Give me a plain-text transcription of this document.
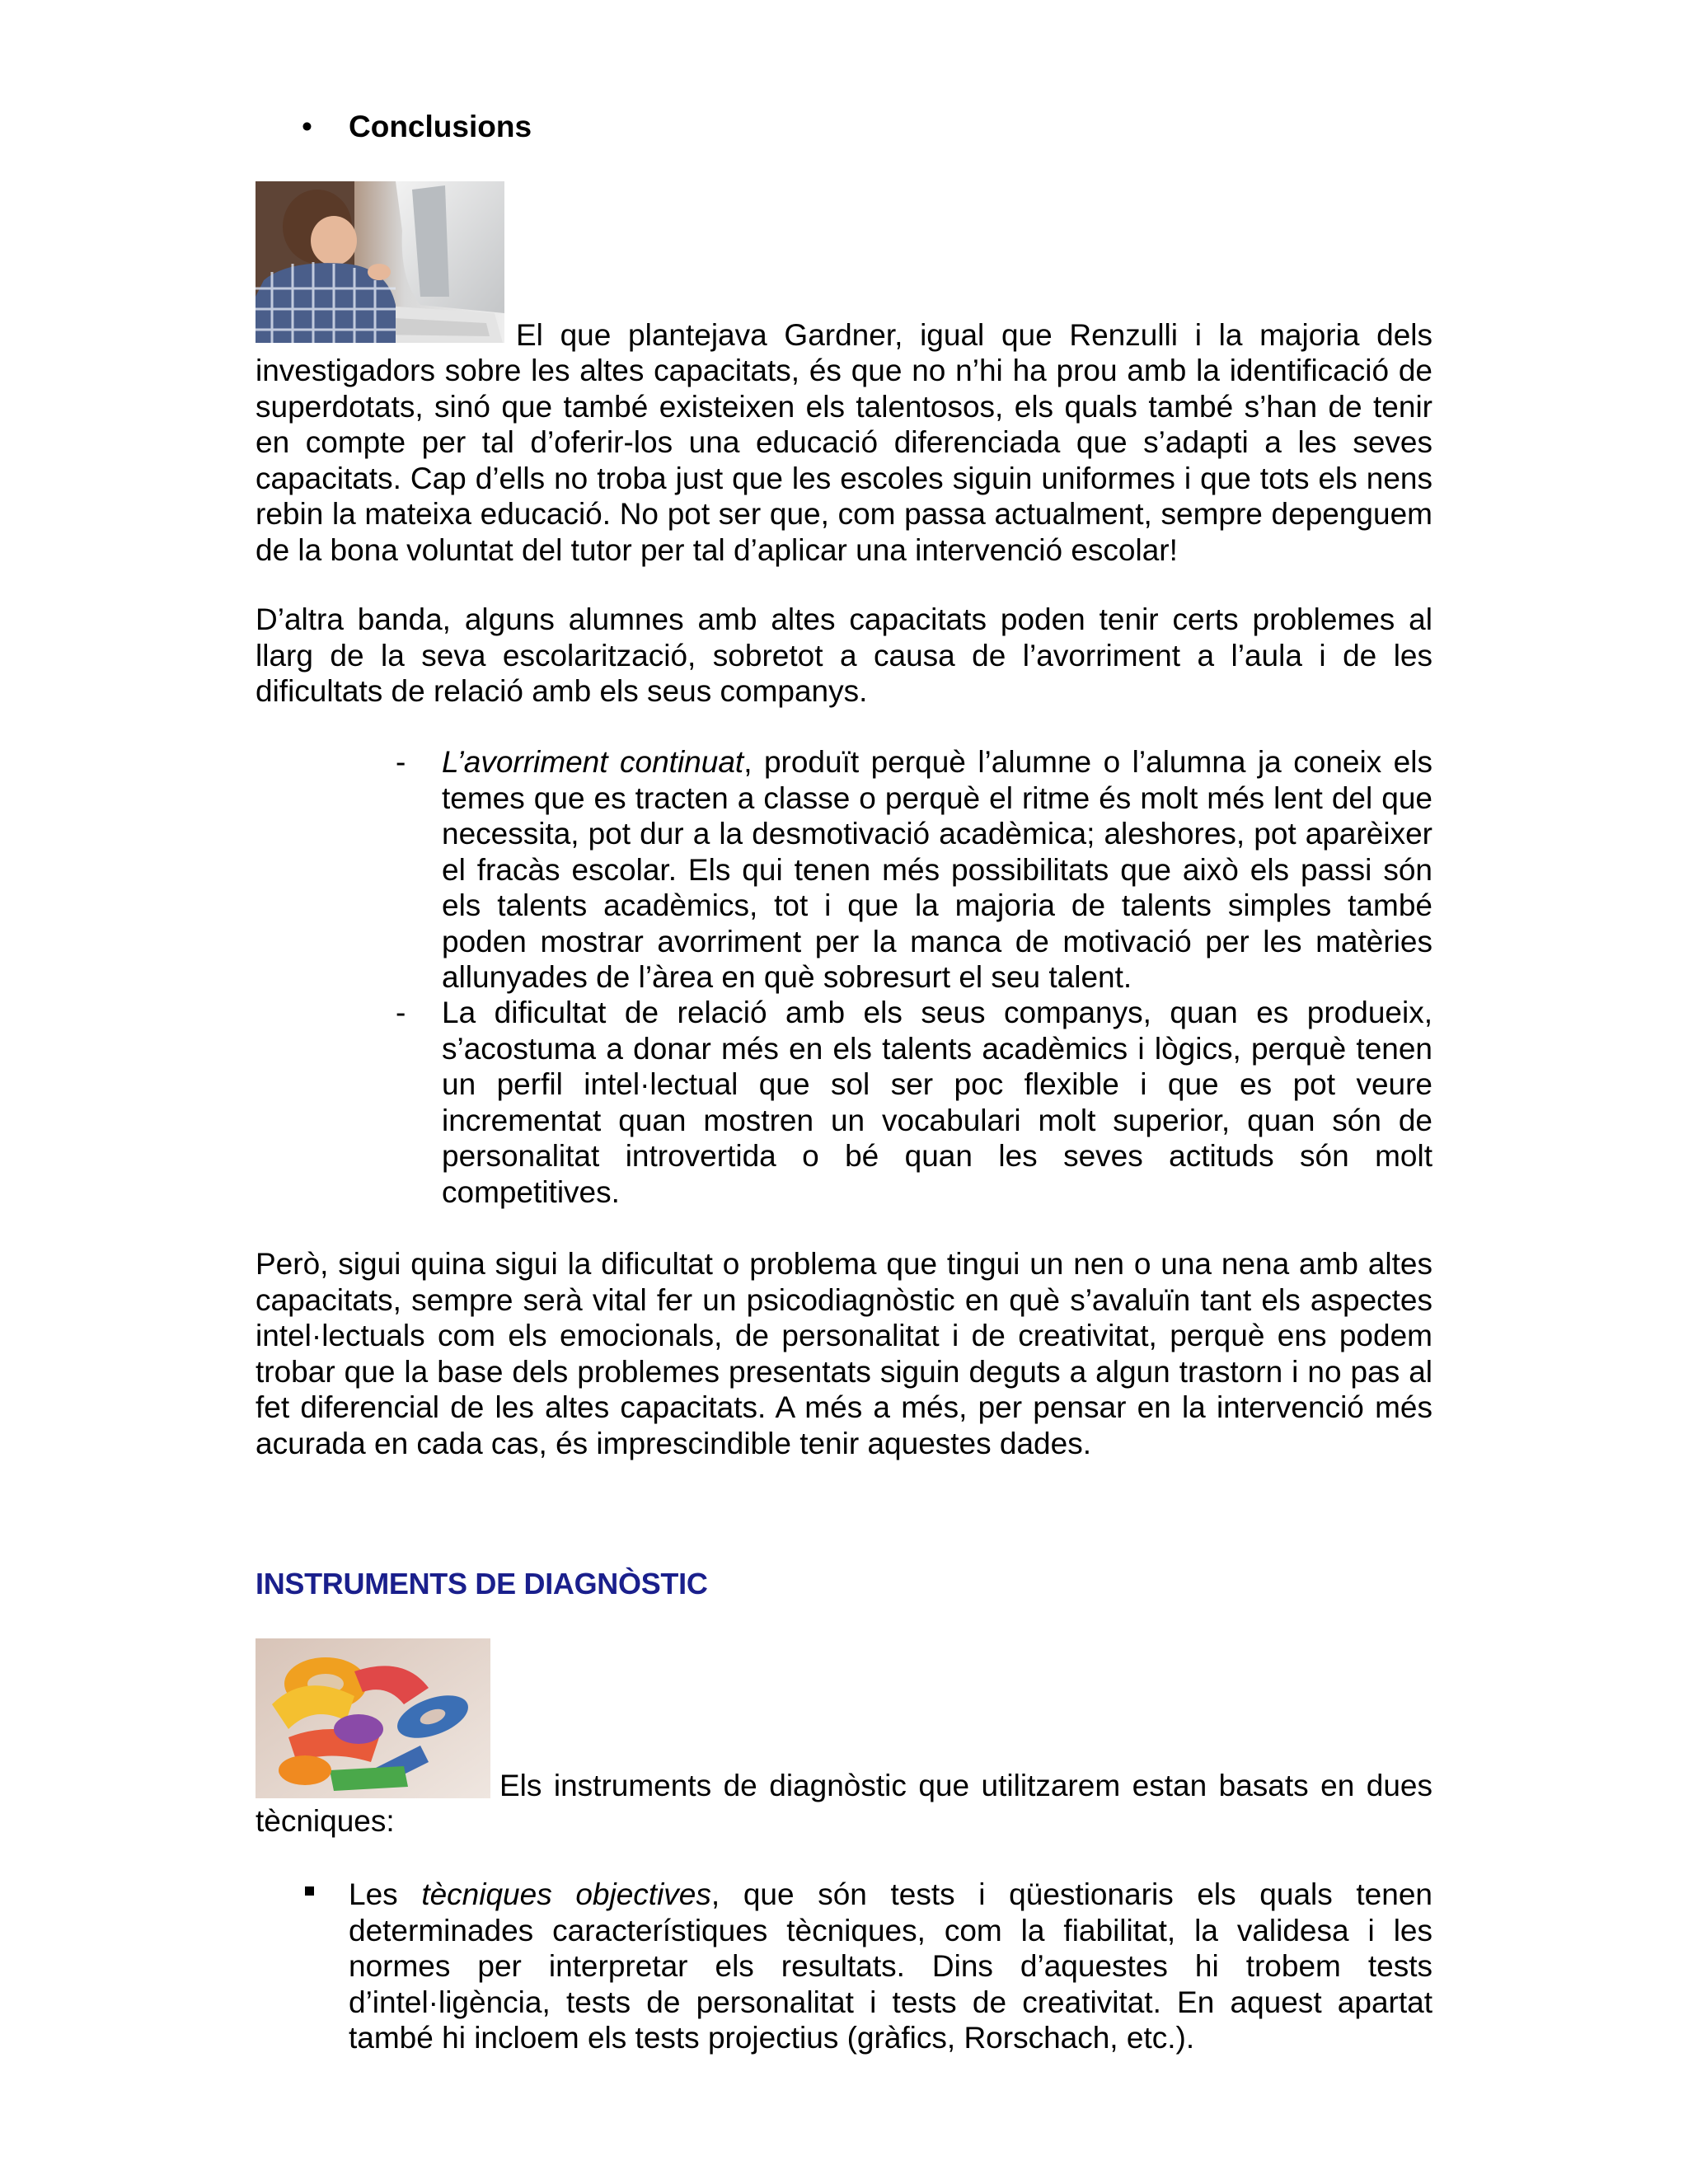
• Conclusions
El que plantejava Gardner, igual que Renzulli i la majoria dels
investigadors sobre les altes capacitats, és que no n’hi ha prou amb la identificació de superdotats, sinó que també existeixen els talentosos, els quals també s’han de tenir en compte per tal d’oferir-los una educació diferenciada que s’adapti a les seves capacitats. Cap d’ells no troba just que les escoles siguin uniformes i que tots els nens rebin la mateixa educació. No pot ser que, com passa actualment, sempre depenguem de la bona voluntat del tutor per tal d’aplicar una intervenció escolar!
D’altra banda, alguns alumnes amb altes capacitats poden tenir certs problemes al llarg de la seva escolarització, sobretot a causa de l’avorriment a l’aula i de les dificultats de relació amb els seus companys.
-	L’avorriment continuat, produït perquè l’alumne o l’alumna ja coneix els temes que es tracten a classe o perquè el ritme és molt més lent del que necessita, pot dur a la desmotivació acadèmica; aleshores, pot aparèixer el fracàs escolar. Els qui tenen més possibilitats que això els passi són els talents acadèmics, tot i que la majoria de talents simples també poden mostrar avorriment per la manca de motivació per les matèries allunyades de l’àrea en què sobresurt el seu talent.
-	La dificultat de relació amb els seus companys, quan es produeix, s’acostuma a donar més en els talents acadèmics i lògics, perquè tenen un perfil intel·lectual que sol ser poc flexible i que es pot veure incrementat quan mostren un vocabulari molt superior, quan són de personalitat introvertida o bé quan les seves actituds són molt competitives.
Però, sigui quina sigui la dificultat o problema que tingui un nen o una nena amb altes capacitats, sempre serà vital fer un psicodiagnòstic en què s’avaluïn tant els aspectes intel·lectuals com els emocionals, de personalitat i de creativitat, perquè ens podem trobar que la base dels problemes presentats siguin deguts a algun trastorn i no pas al fet diferencial de les altes capacitats. A més a més, per pensar en la intervenció més acurada en cada cas, és imprescindible tenir aquestes dades.
INSTRUMENTS DE DIAGNÒSTIC
Els instruments de diagnòstic que utilitzarem estan basats en dues
tècniques:
Les tècniques objectives, que són tests i qüestionaris els quals tenen determinades característiques tècniques, com la fiabilitat, la validesa i les normes per interpretar els resultats. Dins d’aquestes hi trobem tests d’intel·ligència, tests de personalitat i tests de creativitat. En aquest apartat també hi incloem els tests projectius (gràfics, Rorschach, etc.).
